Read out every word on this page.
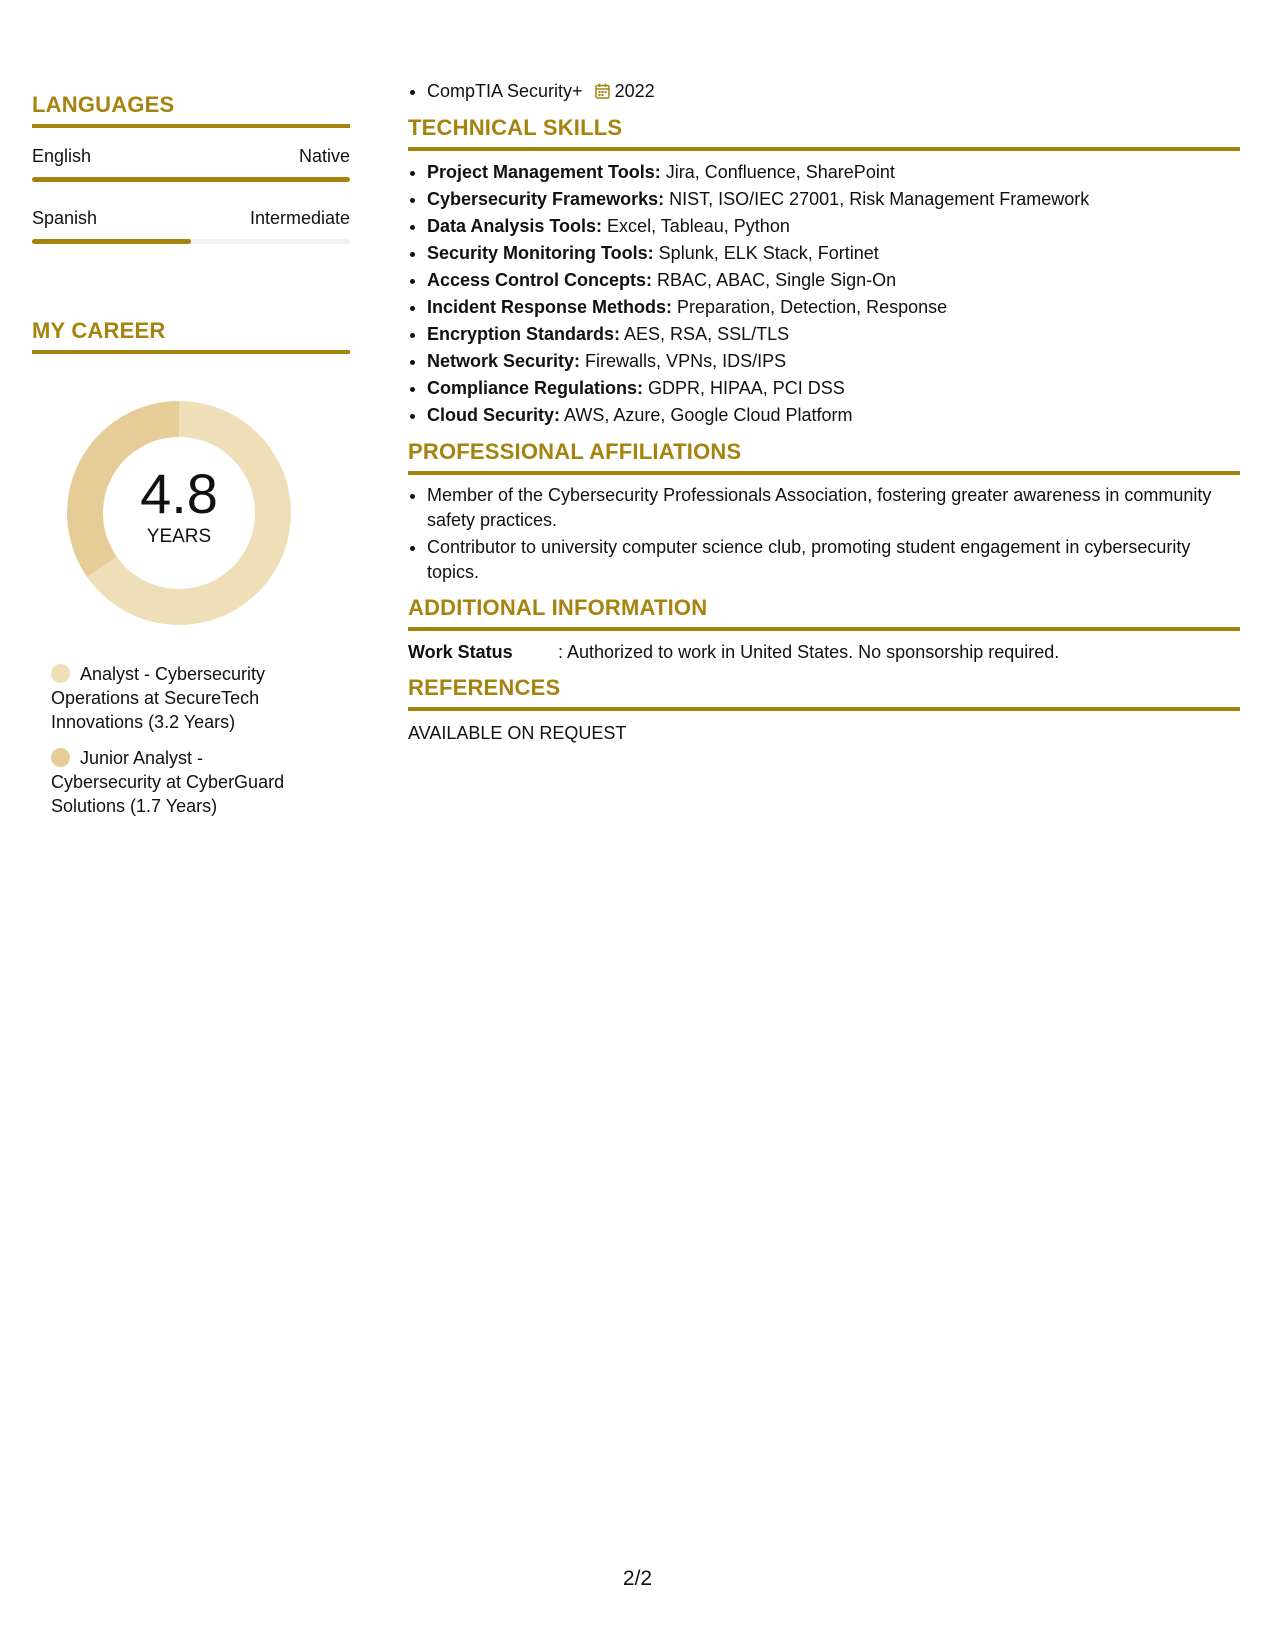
LANGUAGES
English	Native
Spanish	Intermediate
MY CAREER
4.8
YEARS
Analyst - Cybersecurity Operations at SecureTech Innovations (3.2 Years)
Junior Analyst - Cybersecurity at CyberGuard Solutions (1.7 Years)
• CompTIA Security+ 2022
TECHNICAL SKILLS
• Project Management Tools: Jira, Confluence, SharePoint
• Cybersecurity Frameworks: NIST, ISO/IEC 27001, Risk Management Framework
• Data Analysis Tools: Excel, Tableau, Python
• Security Monitoring Tools: Splunk, ELK Stack, Fortinet
• Access Control Concepts: RBAC, ABAC, Single Sign-On
• Incident Response Methods: Preparation, Detection, Response
• Encryption Standards: AES, RSA, SSL/TLS
• Network Security: Firewalls, VPNs, IDS/IPS
• Compliance Regulations: GDPR, HIPAA, PCI DSS
• Cloud Security: AWS, Azure, Google Cloud Platform
PROFESSIONAL AFFILIATIONS
• Member of the Cybersecurity Professionals Association, fostering greater awareness in community safety practices.
• Contributor to university computer science club, promoting student engagement in cybersecurity topics.
ADDITIONAL INFORMATION
Work Status	: Authorized to work in United States. No sponsorship required.
REFERENCES
AVAILABLE ON REQUEST
2/2
